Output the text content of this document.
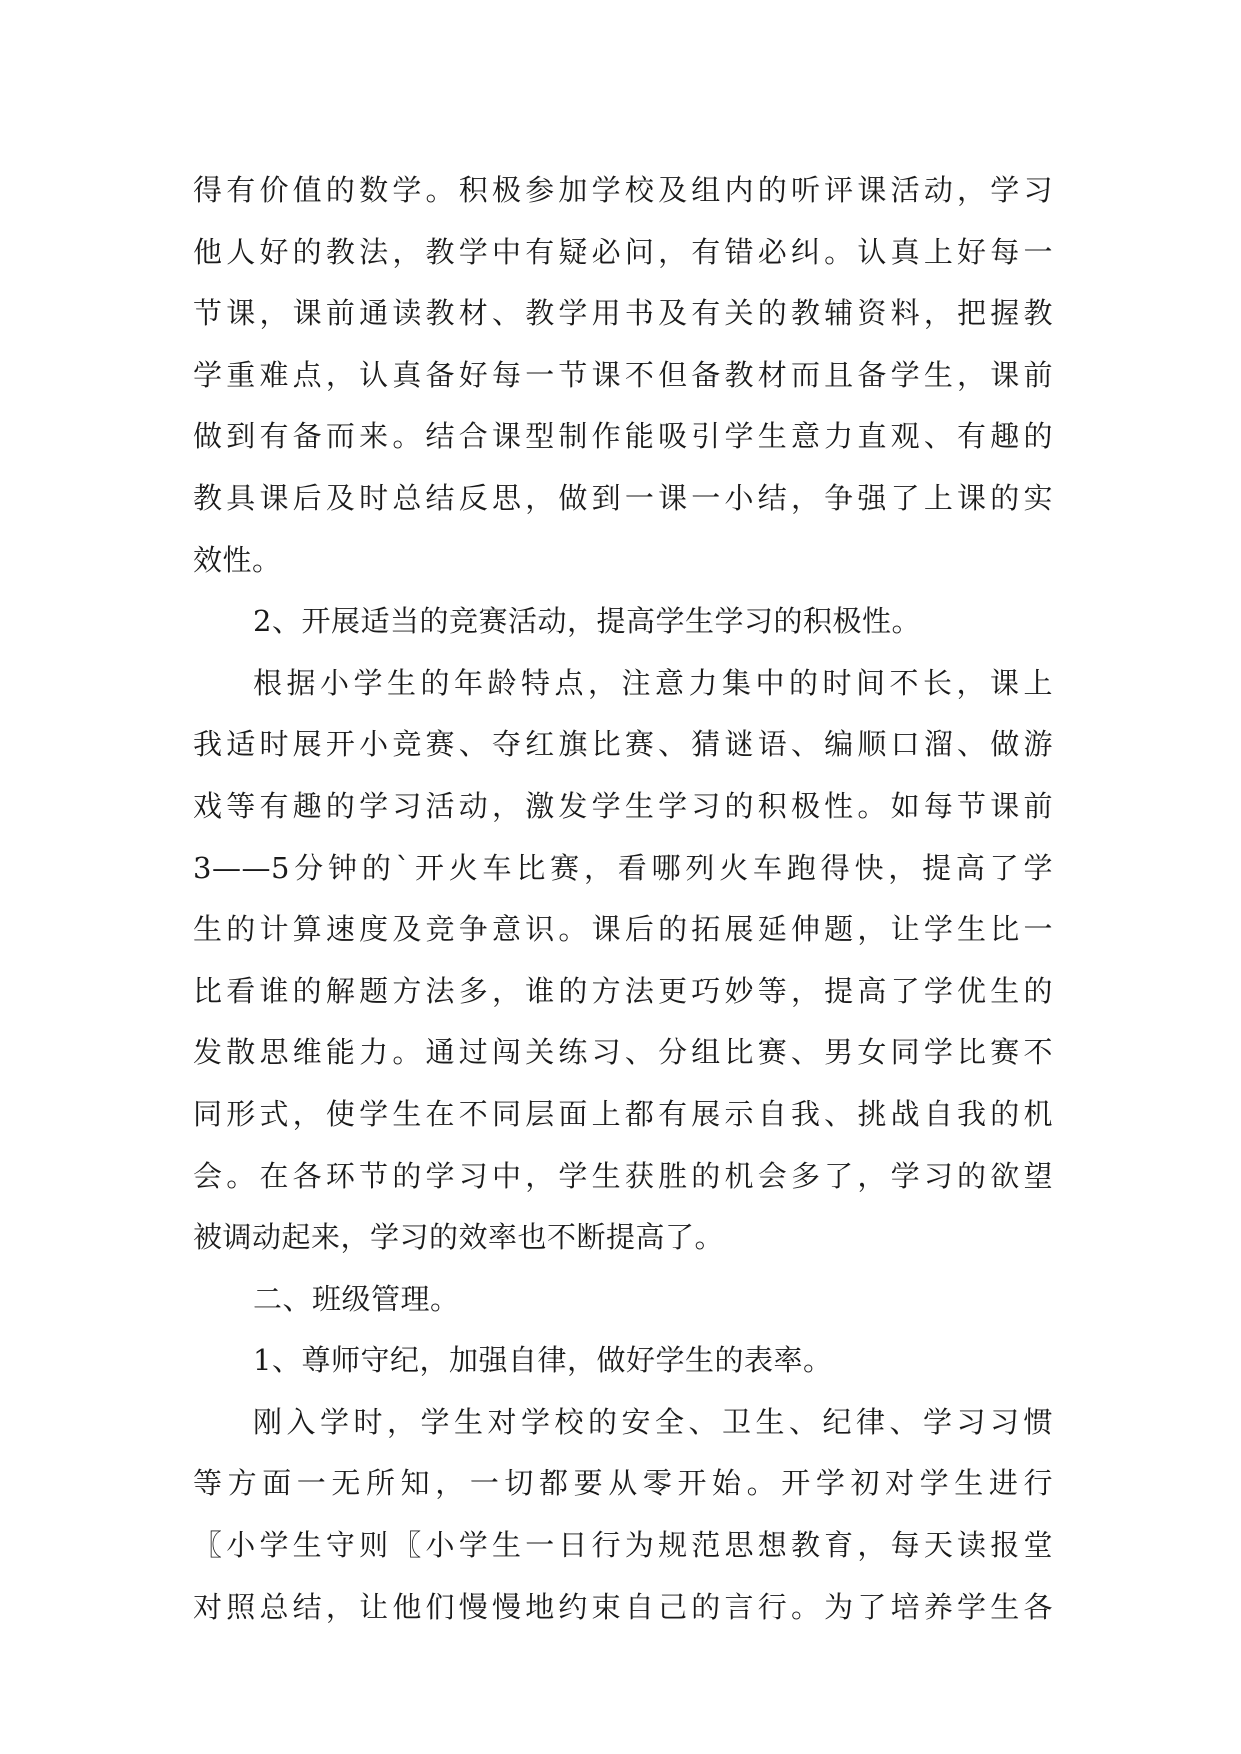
得有价值的数学。积极参加学校及组内的听评课活动，学习
他人好的教法，教学中有疑必问，有错必纠。认真上好每一
节课，课前通读教材、教学用书及有关的教辅资料，把握教
学重难点，认真备好每一节课不但备教材而且备学生，课前
做到有备而来。结合课型制作能吸引学生意力直观、有趣的
教具课后及时总结反思，做到一课一小结，争强了上课的实
效性。
2、开展适当的竞赛活动，提高学生学习的积极性。
根据小学生的年龄特点，注意力集中的时间不长，课上
我适时展开小竞赛、夺红旗比赛、猜谜语、编顺口溜、做游
戏等有趣的学习活动，激发学生学习的积极性。如每节课前
3——5分钟的`开火车比赛，看哪列火车跑得快，提高了学
生的计算速度及竞争意识。课后的拓展延伸题，让学生比一
比看谁的解题方法多，谁的方法更巧妙等，提高了学优生的
发散思维能力。通过闯关练习、分组比赛、男女同学比赛不
同形式，使学生在不同层面上都有展示自我、挑战自我的机
会。在各环节的学习中，学生获胜的机会多了，学习的欲望
被调动起来，学习的效率也不断提高了。
二、班级管理。
1、尊师守纪，加强自律，做好学生的表率。
刚入学时，学生对学校的安全、卫生、纪律、学习习惯
等方面一无所知，一切都要从零开始。开学初对学生进行
〖小学生守则〖小学生一日行为规范思想教育，每天读报堂
对照总结，让他们慢慢地约束自己的言行。为了培养学生各
